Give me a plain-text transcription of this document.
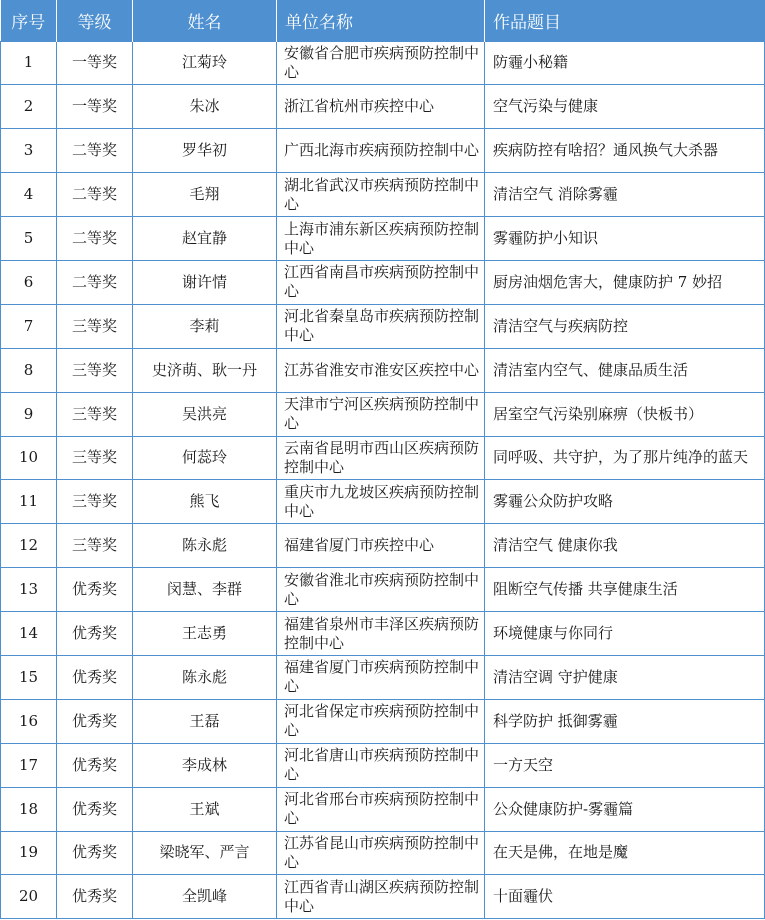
序号	等级	姓名	单位名称	作品题目
1	一等奖	江菊玲	安徽省合肥市疾病预防控制中心	防霾小秘籍
2	一等奖	朱冰	浙江省杭州市疾控中心	空气污染与健康
3	二等奖	罗华初	广西北海市疾病预防控制中心	疾病防控有啥招？通风换气大杀器
4	二等奖	毛翔	湖北省武汉市疾病预防控制中心	清洁空气 消除雾霾
5	二等奖	赵宜静	上海市浦东新区疾病预防控制中心	雾霾防护小知识
6	二等奖	谢许情	江西省南昌市疾病预防控制中心	厨房油烟危害大，健康防护 7 妙招
7	三等奖	李莉	河北省秦皇岛市疾病预防控制中心	清洁空气与疾病防控
8	三等奖	史济萌、耿一丹	江苏省淮安市淮安区疾控中心	清洁室内空气、健康品质生活
9	三等奖	吴洪亮	天津市宁河区疾病预防控制中心	居室空气污染别麻痹（快板书）
10	三等奖	何蕊玲	云南省昆明市西山区疾病预防控制中心	同呼吸、共守护，为了那片纯净的蓝天
11	三等奖	熊飞	重庆市九龙坡区疾病预防控制中心	雾霾公众防护攻略
12	三等奖	陈永彪	福建省厦门市疾控中心	清洁空气 健康你我
13	优秀奖	闵慧、李群	安徽省淮北市疾病预防控制中心	阻断空气传播 共享健康生活
14	优秀奖	王志勇	福建省泉州市丰泽区疾病预防控制中心	环境健康与你同行
15	优秀奖	陈永彪	福建省厦门市疾病预防控制中心	清洁空调 守护健康
16	优秀奖	王磊	河北省保定市疾病预防控制中心	科学防护 抵御雾霾
17	优秀奖	李成林	河北省唐山市疾病预防控制中心	一方天空
18	优秀奖	王斌	河北省邢台市疾病预防控制中心	公众健康防护-雾霾篇
19	优秀奖	梁晓军、严言	江苏省昆山市疾病预防控制中心	在天是佛，在地是魔
20	优秀奖	全凯峰	江西省青山湖区疾病预防控制中心	十面霾伏
